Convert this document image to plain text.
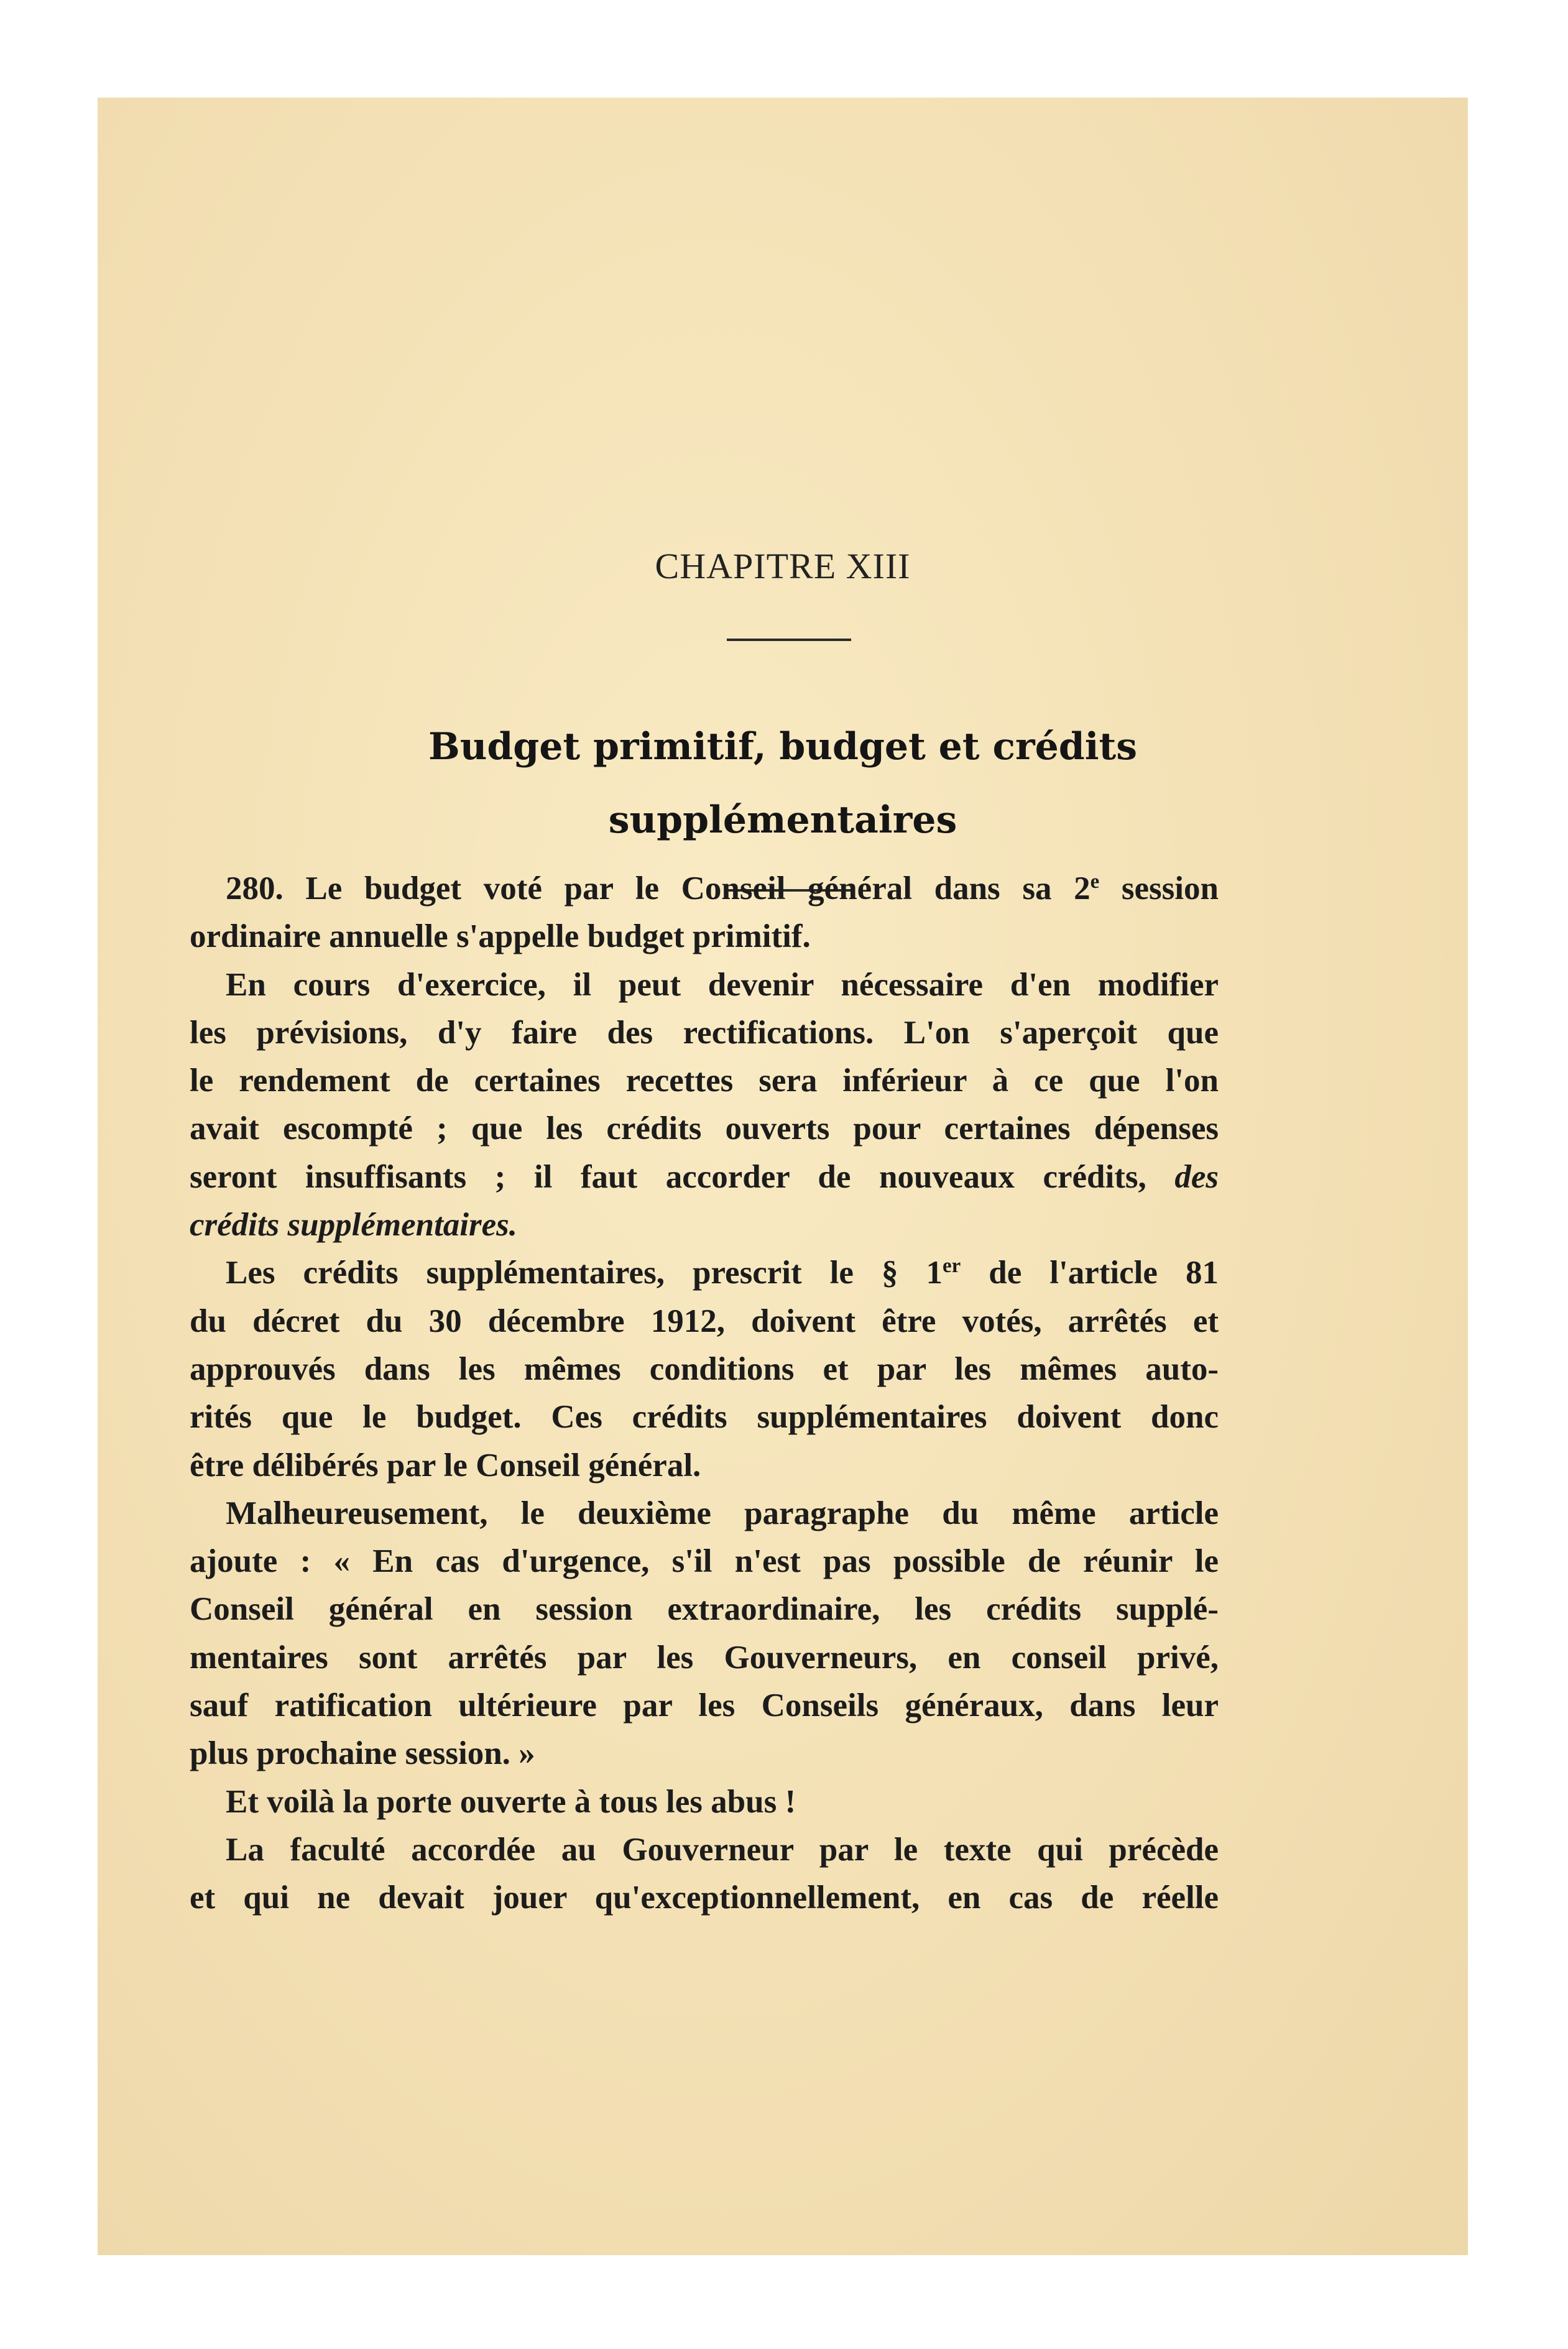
CHAPITRE XIII
Budget primitif, budget et crédits
supplémentaires
280. Le budget voté par le Conseil général dans sa 2e session
ordinaire annuelle s'appelle budget primitif.
En cours d'exercice, il peut devenir nécessaire d'en modifier
les prévisions, d'y faire des rectifications. L'on s'aperçoit que
le rendement de certaines recettes sera inférieur à ce que l'on
avait escompté ; que les crédits ouverts pour certaines dépenses
seront insuffisants ; il faut accorder de nouveaux crédits, des
crédits supplémentaires.
Les crédits supplémentaires, prescrit le § 1er de l'article 81
du décret du 30 décembre 1912, doivent être votés, arrêtés et
approuvés dans les mêmes conditions et par les mêmes auto-
rités que le budget. Ces crédits supplémentaires doivent donc
être délibérés par le Conseil général.
Malheureusement, le deuxième paragraphe du même article
ajoute : « En cas d'urgence, s'il n'est pas possible de réunir le
Conseil général en session extraordinaire, les crédits supplé-
mentaires sont arrêtés par les Gouverneurs, en conseil privé,
sauf ratification ultérieure par les Conseils généraux, dans leur
plus prochaine session. »
Et voilà la porte ouverte à tous les abus !
La faculté accordée au Gouverneur par le texte qui précède
et qui ne devait jouer qu'exceptionnellement, en cas de réelle
